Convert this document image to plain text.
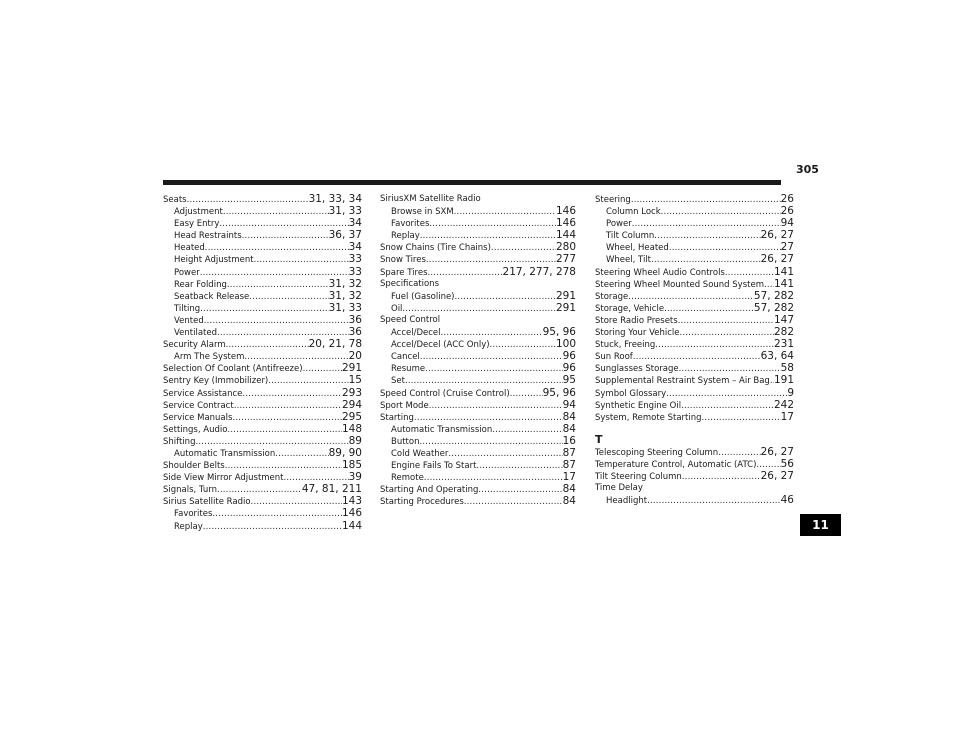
305
Seats .....	31, 33, 34
Adjustment .....	31, 33
Easy Entry .....	34
Head Restraints .....	36, 37
Heated .....	34
Height Adjustment .....	33
Power .....	33
Rear Folding .....	31, 32
Seatback Release .....	31, 32
Tilting .....	31, 33
Vented .....	36
Ventilated .....	36
Security Alarm .....	20, 21, 78
Arm The System .....	20
Selection Of Coolant (Antifreeze) .....	291
Sentry Key (Immobilizer) .....	15
Service Assistance .....	293
Service Contract .....	294
Service Manuals .....	295
Settings, Audio .....	148
Shifting .....	89
Automatic Transmission .....	89, 90
Shoulder Belts .....	185
Side View Mirror Adjustment .....	39
Signals, Turn .....	47, 81, 211
Sirius Satellite Radio .....	143
Favorites .....	146
Replay .....	144
SiriusXM Satellite Radio
Browse in SXM .....	146
Favorites .....	146
Replay .....	144
Snow Chains (Tire Chains) .....	280
Snow Tires .....	277
Spare Tires .....	217, 277, 278
Specifications
Fuel (Gasoline) .....	291
Oil .....	291
Speed Control
Accel/Decel .....	95, 96
Accel/Decel (ACC Only) .....	100
Cancel .....	96
Resume .....	96
Set .....	95
Speed Control (Cruise Control) .....	95, 96
Sport Mode .....	94
Starting .....	84
Automatic Transmission .....	84
Button .....	16
Cold Weather .....	87
Engine Fails To Start .....	87
Remote .....	17
Starting And Operating .....	84
Starting Procedures .....	84
Steering .....	26
Column Lock .....	26
Power .....	94
Tilt Column .....	26, 27
Wheel, Heated .....	27
Wheel, Tilt .....	26, 27
Steering Wheel Audio Controls .....	141
Steering Wheel Mounted Sound System ..... 141
Storage .....	57, 282
Storage, Vehicle .....	57, 282
Store Radio Presets .....	147
Storing Your Vehicle .....	282
Stuck, Freeing .....	231
Sun Roof .....	63, 64
Sunglasses Storage .....	58
Supplemental Restraint System – Air Bag ..... 191
Symbol Glossary .....	9
Synthetic Engine Oil .....	242
System, Remote Starting .....	17
T
Telescoping Steering Column .....	26, 27
Temperature Control, Automatic (ATC) ..... 56
Tilt Steering Column .....	26, 27
Time Delay
Headlight .....	46
11
